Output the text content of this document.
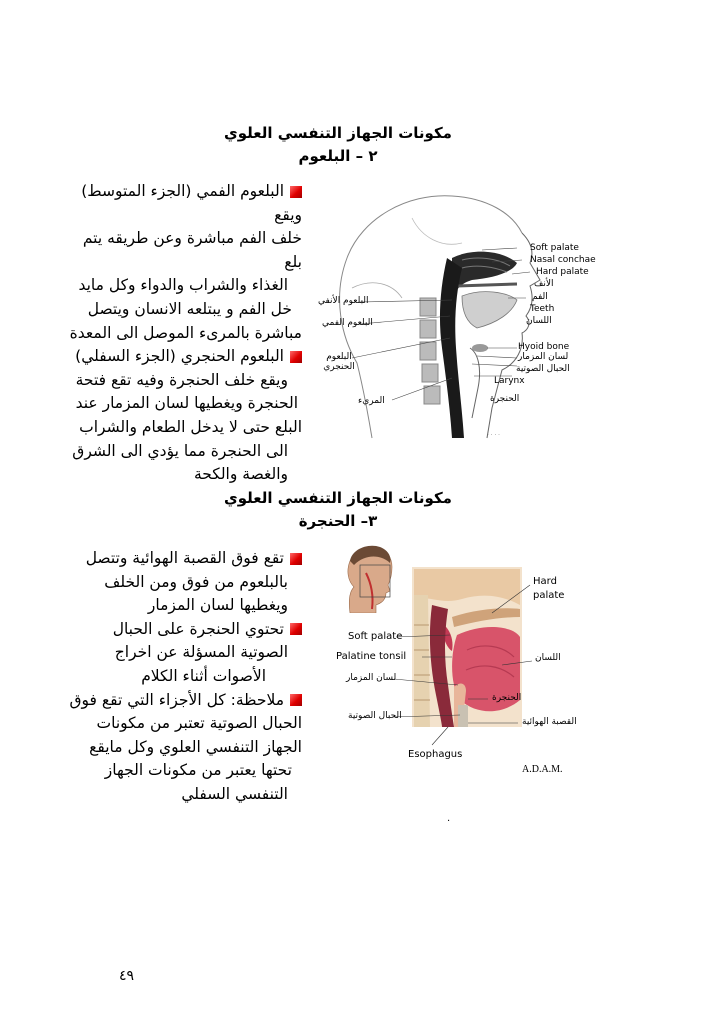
مكونات الجهاز التنفسي العلوي
٢ – البلعوم
البلعوم الفمي (الجزء المتوسط) ويقع
خلف الفم مباشرة وعن طريقه يتم بلع
الغذاء والشراب والدواء وكل مايد
خل الفم و يبتلعه الانسان ويتصل
مباشرة بالمرىء الموصل الى المعدة
البلعوم الحنجري (الجزء السفلي)
ويقع خلف الحنجرة وفيه تقع فتحة
الحنجرة ويغطيها لسان المزمار عند
البلع حتى لا يدخل الطعام والشراب
الى الحنجرة مما يؤدي الى الشرق
والغصة والكحة
· · · ·
Soft palate
Nasal conchae
Hard palate
الأنف
الفم
Teeth
اللسان
Hyoid bone
لسان المزمار
الحبال الصوتية
Larynx
الحنجرة
البلعوم الأنفي
البلعوم الفمي
البلعوم الحنجري
المريء
مكونات الجهاز التنفسي العلوي
٣– الحنجرة
تقع فوق القصبة الهوائية وتتصل
بالبلعوم من فوق ومن الخلف
ويغطيها لسان المزمار
تحتوي الحنجرة على الحبال
الصوتية المسؤلة عن اخراج
الأصوات أثناء الكلام
ملاحظة: كل الأجزاء التي تقع فوق
الحبال الصوتية تعتبر من مكونات
الجهاز التنفسي العلوي وكل مايقع
تحتها يعتبر من مكونات الجهاز
التنفسي السفلي
Hard palate
Soft palate
Palatine tonsil	اللسان
لسان المزمار
الحنجرة
الحبال الصوتية
القصبة الهوائية
Esophagus
A.D.A.M.
.
٤٩
